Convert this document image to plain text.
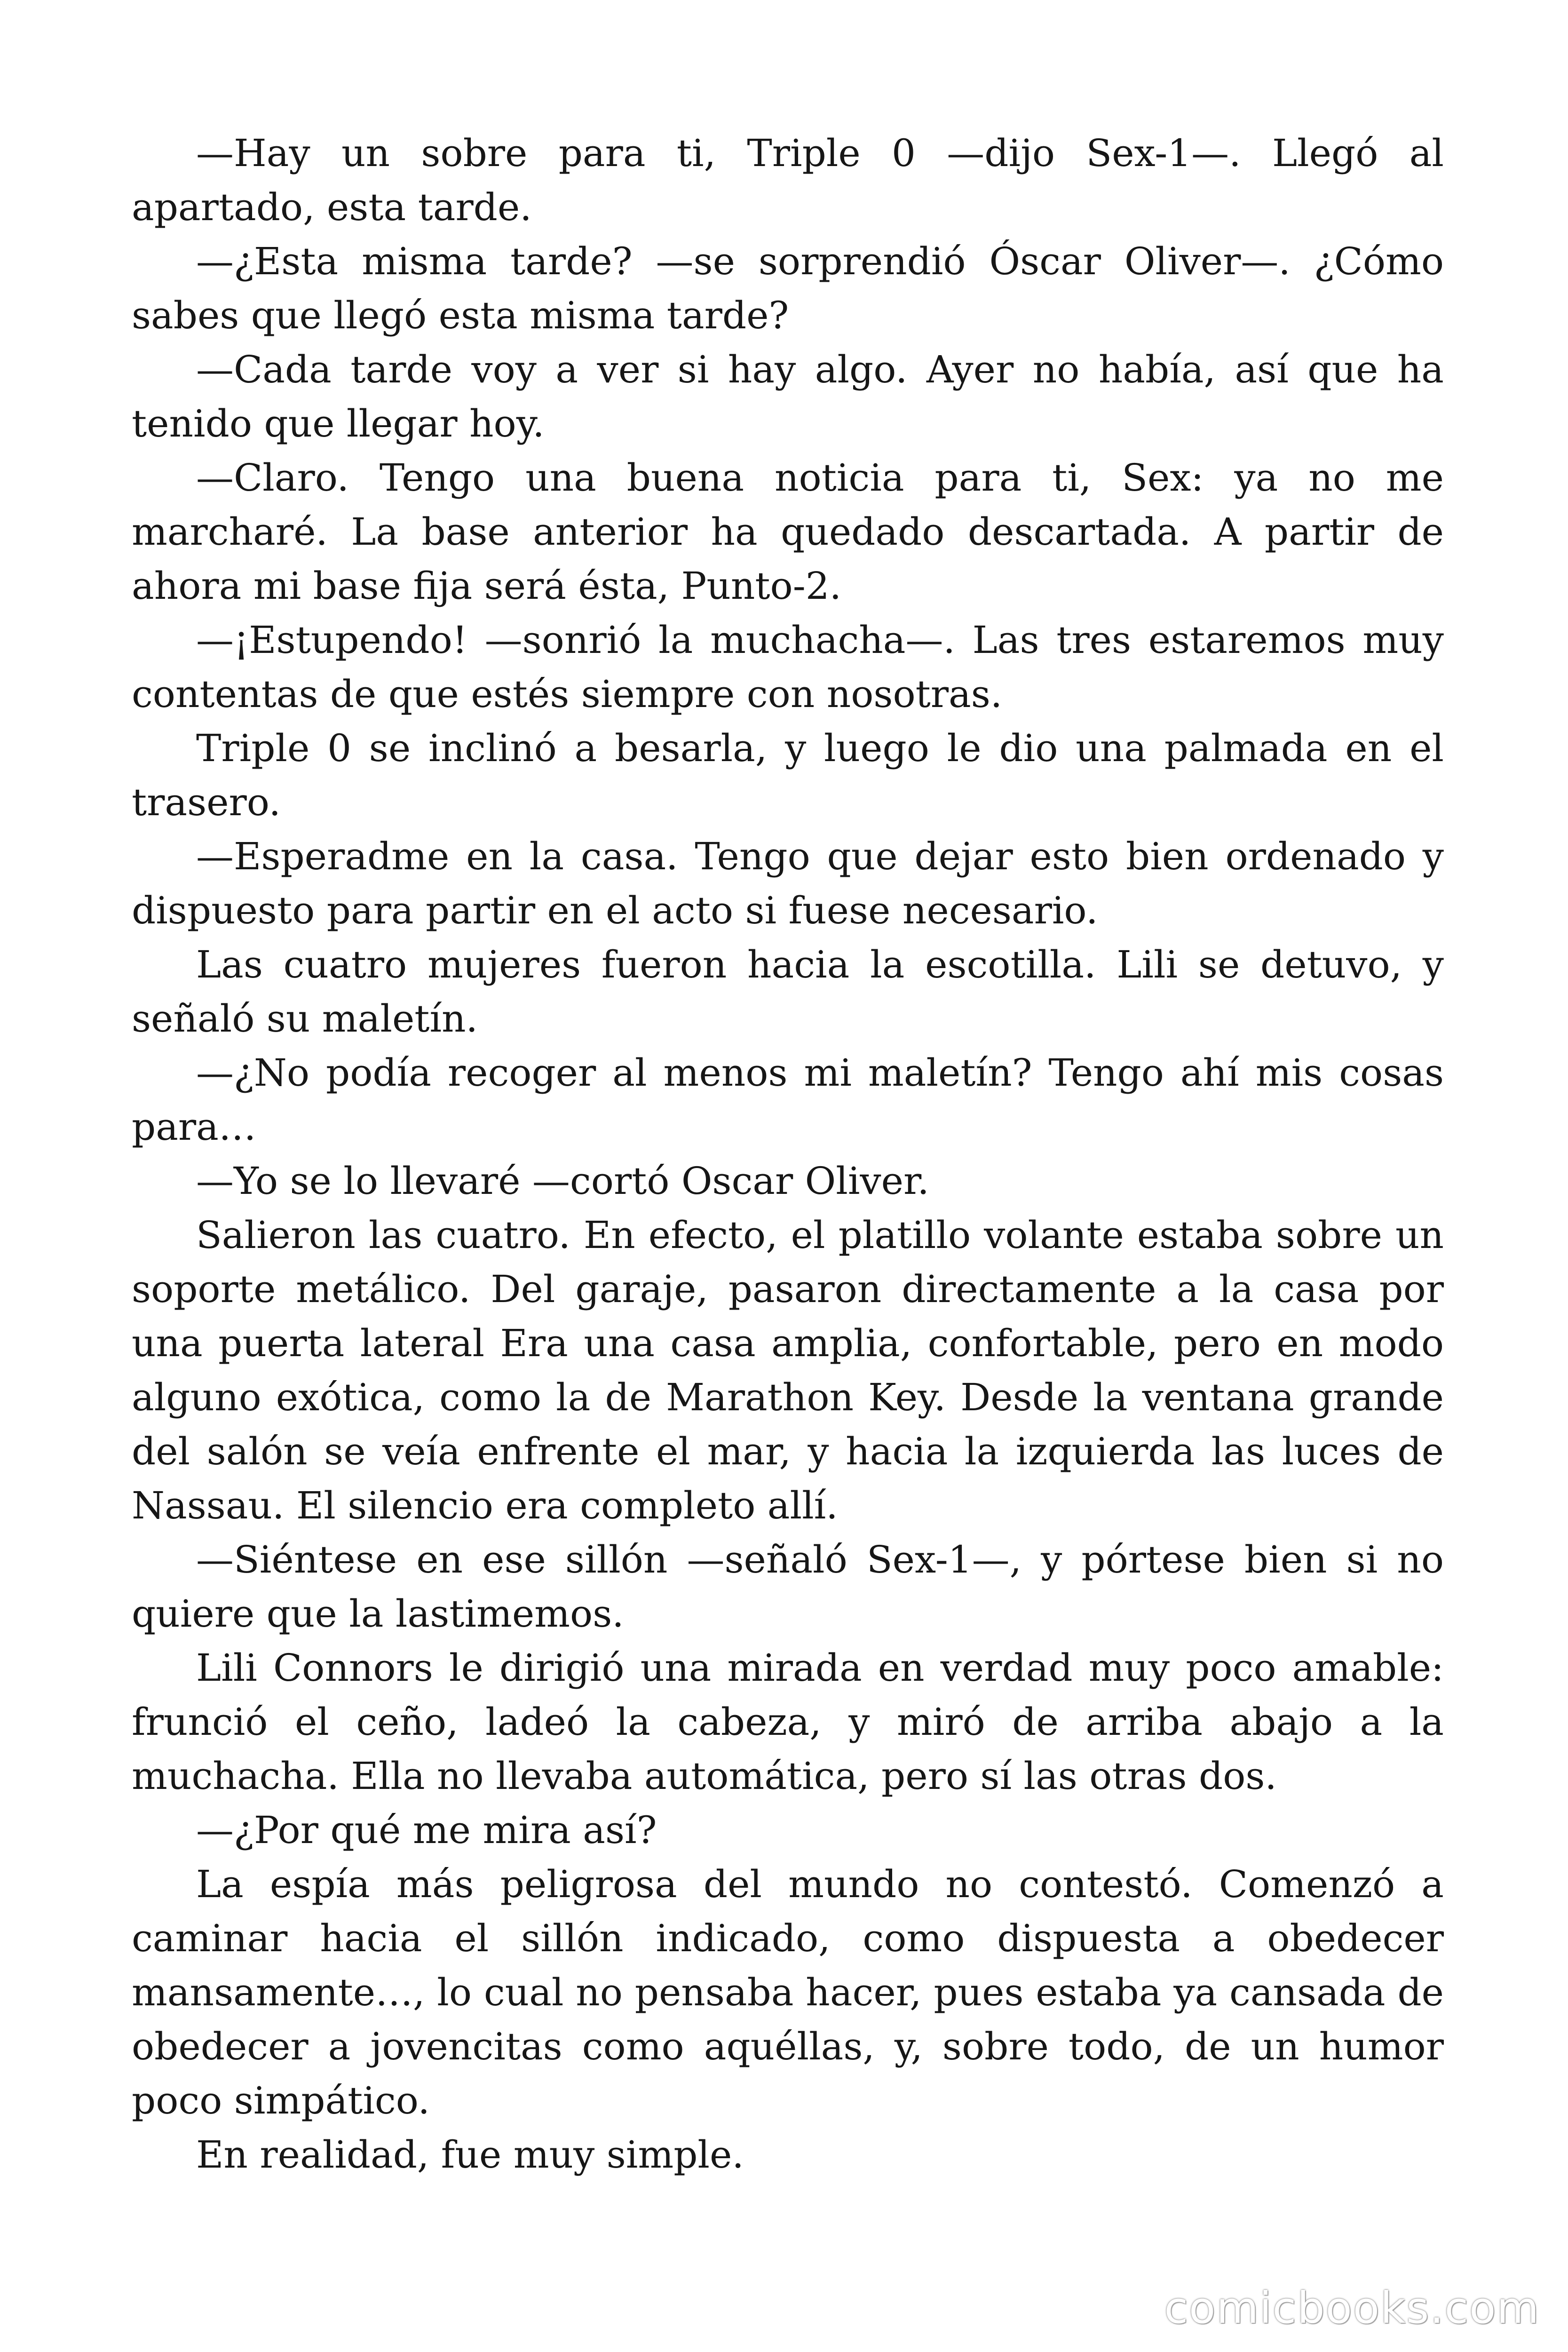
—Hay un sobre para ti, Triple 0 —dijo Sex-1—. Llegó al apartado, esta tarde.

—¿Esta misma tarde? —se sorprendió Óscar Oliver—. ¿Cómo sabes que llegó esta misma tarde?

—Cada tarde voy a ver si hay algo. Ayer no había, así que ha tenido que llegar hoy.

—Claro. Tengo una buena noticia para ti, Sex: ya no me marcharé. La base anterior ha quedado descartada. A partir de ahora mi base fija será ésta, Punto-2.

—¡Estupendo! —sonrió la muchacha—. Las tres estaremos muy contentas de que estés siempre con nosotras.

Triple 0 se inclinó a besarla, y luego le dio una palmada en el trasero.

—Esperadme en la casa. Tengo que dejar esto bien ordenado y dispuesto para partir en el acto si fuese necesario.

Las cuatro mujeres fueron hacia la escotilla. Lili se detuvo, y señaló su maletín.

—¿No podía recoger al menos mi maletín? Tengo ahí mis cosas para…

—Yo se lo llevaré —cortó Oscar Oliver.

Salieron las cuatro. En efecto, el platillo volante estaba sobre un soporte metálico. Del garaje, pasaron directamente a la casa por una puerta lateral Era una casa amplia, confortable, pero en modo alguno exótica, como la de Marathon Key. Desde la ventana grande del salón se veía enfrente el mar, y hacia la izquierda las luces de Nassau. El silencio era completo allí.

—Siéntese en ese sillón —señaló Sex-1—, y pórtese bien si no quiere que la lastimemos.

Lili Connors le dirigió una mirada en verdad muy poco amable: frunció el ceño, ladeó la cabeza, y miró de arriba abajo a la muchacha. Ella no llevaba automática, pero sí las otras dos.

—¿Por qué me mira así?

La espía más peligrosa del mundo no contestó. Comenzó a caminar hacia el sillón indicado, como dispuesta a obedecer mansamente…, lo cual no pensaba hacer, pues estaba ya cansada de obedecer a jovencitas como aquéllas, y, sobre todo, de un humor poco simpático.

En realidad, fue muy simple.

comicbooks.com
